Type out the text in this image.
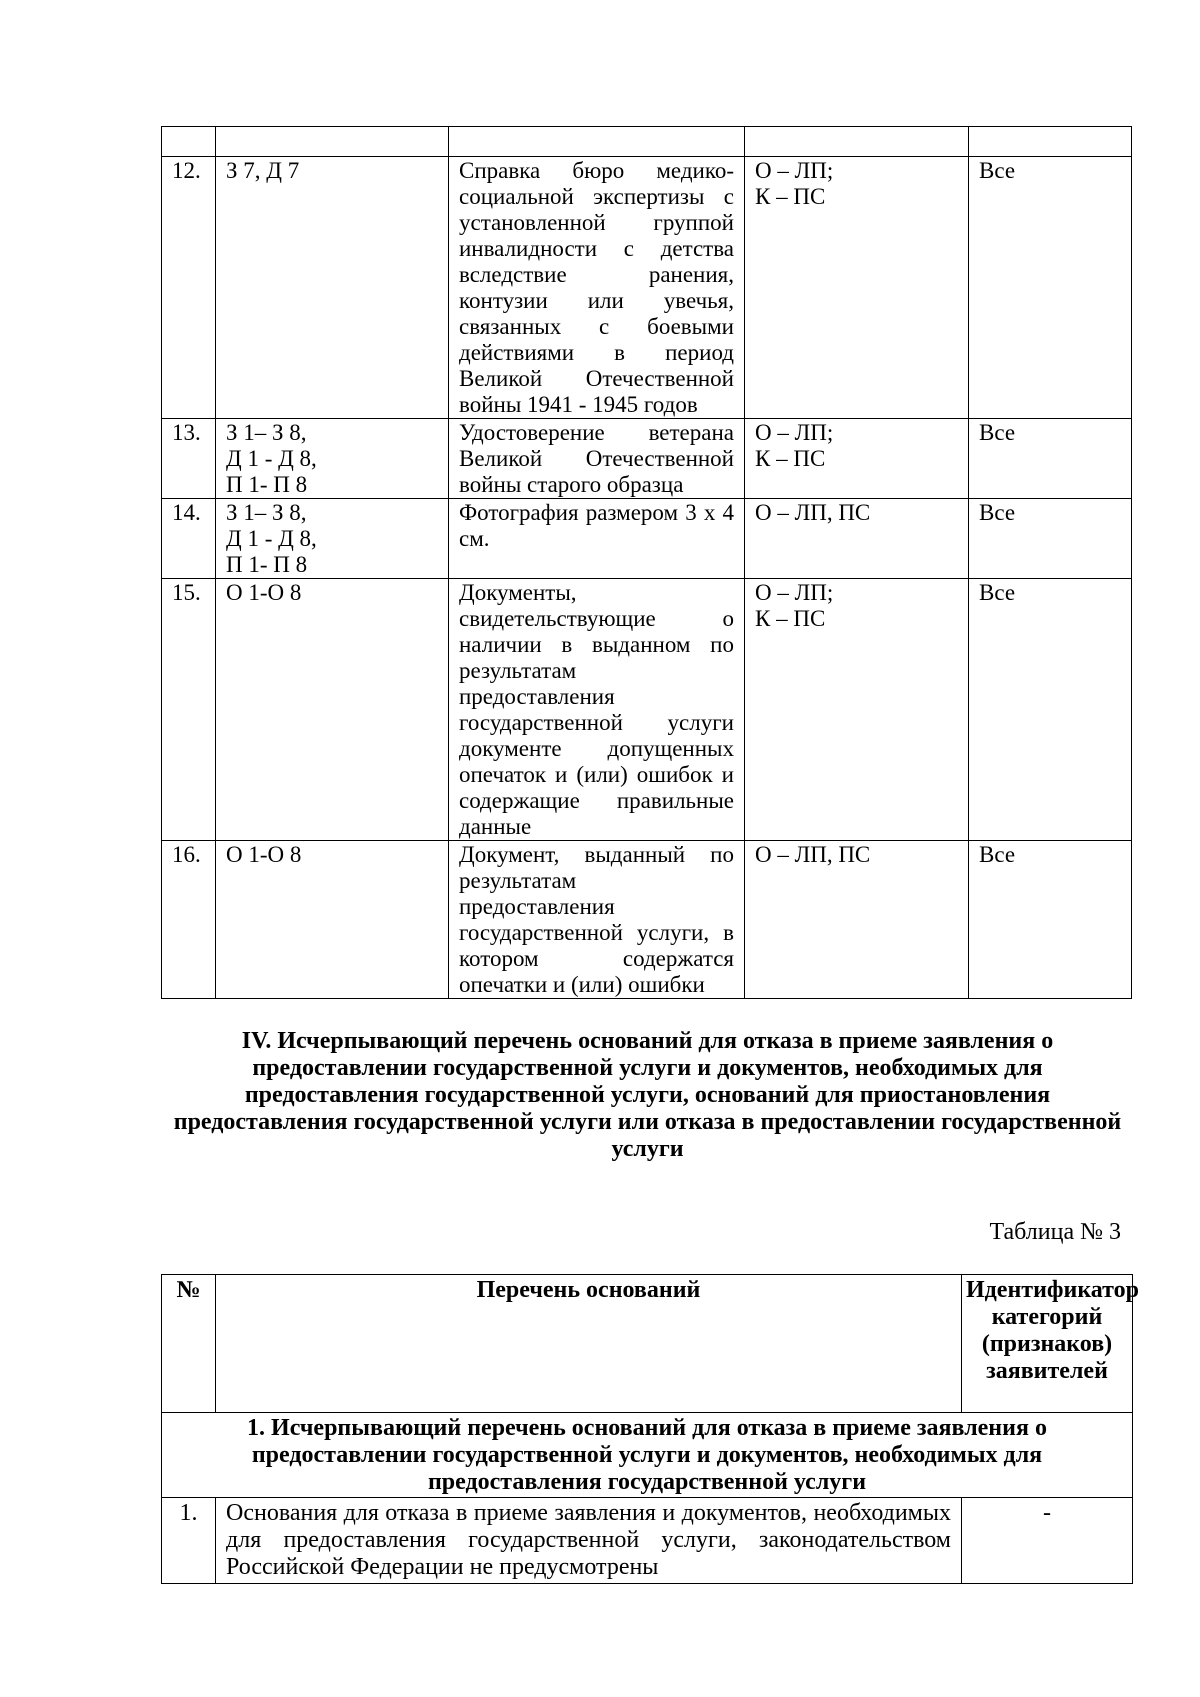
12.	З 7, Д 7	Справка бюро медико-социальной экспертизы с установленной группой инвалидности с детства вследствие ранения, контузии или увечья, связанных с боевыми действиями в период Великой Отечественной войны 1941 - 1945 годов	О – ЛП;
К – ПС	Все
13.	З 1– З 8,
Д 1 - Д 8,
П 1- П 8	Удостоверение ветерана Великой Отечественной войны старого образца	О – ЛП;
К – ПС	Все
14.	З 1– З 8,
Д 1 - Д 8,
П 1- П 8	Фотография размером 3 х 4 см.	О – ЛП, ПС	Все
15.	О 1-О 8	Документы, свидетельствующие о наличии в выданном по результатам предоставления государственной услуги документе допущенных опечаток и (или) ошибок и содержащие правильные данные	О – ЛП;
К – ПС	Все
16.	О 1-О 8	Документ, выданный по результатам предоставления государственной услуги, в котором содержатся опечатки и (или) ошибки	О – ЛП, ПС	Все
IV. Исчерпывающий перечень оснований для отказа в приеме заявления о предоставлении государственной услуги и документов, необходимых для предоставления государственной услуги, оснований для приостановления предоставления государственной услуги или отказа в предоставлении государственной услуги
Таблица № 3
№	Перечень оснований	Идентификатор категорий (признаков) заявителей
1. Исчерпывающий перечень оснований для отказа в приеме заявления о предоставлении государственной услуги и документов, необходимых для предоставления государственной услуги		
1.	Основания для отказа в приеме заявления и документов, необходимых для предоставления государственной услуги, законодательством Российской Федерации не предусмотрены	-
